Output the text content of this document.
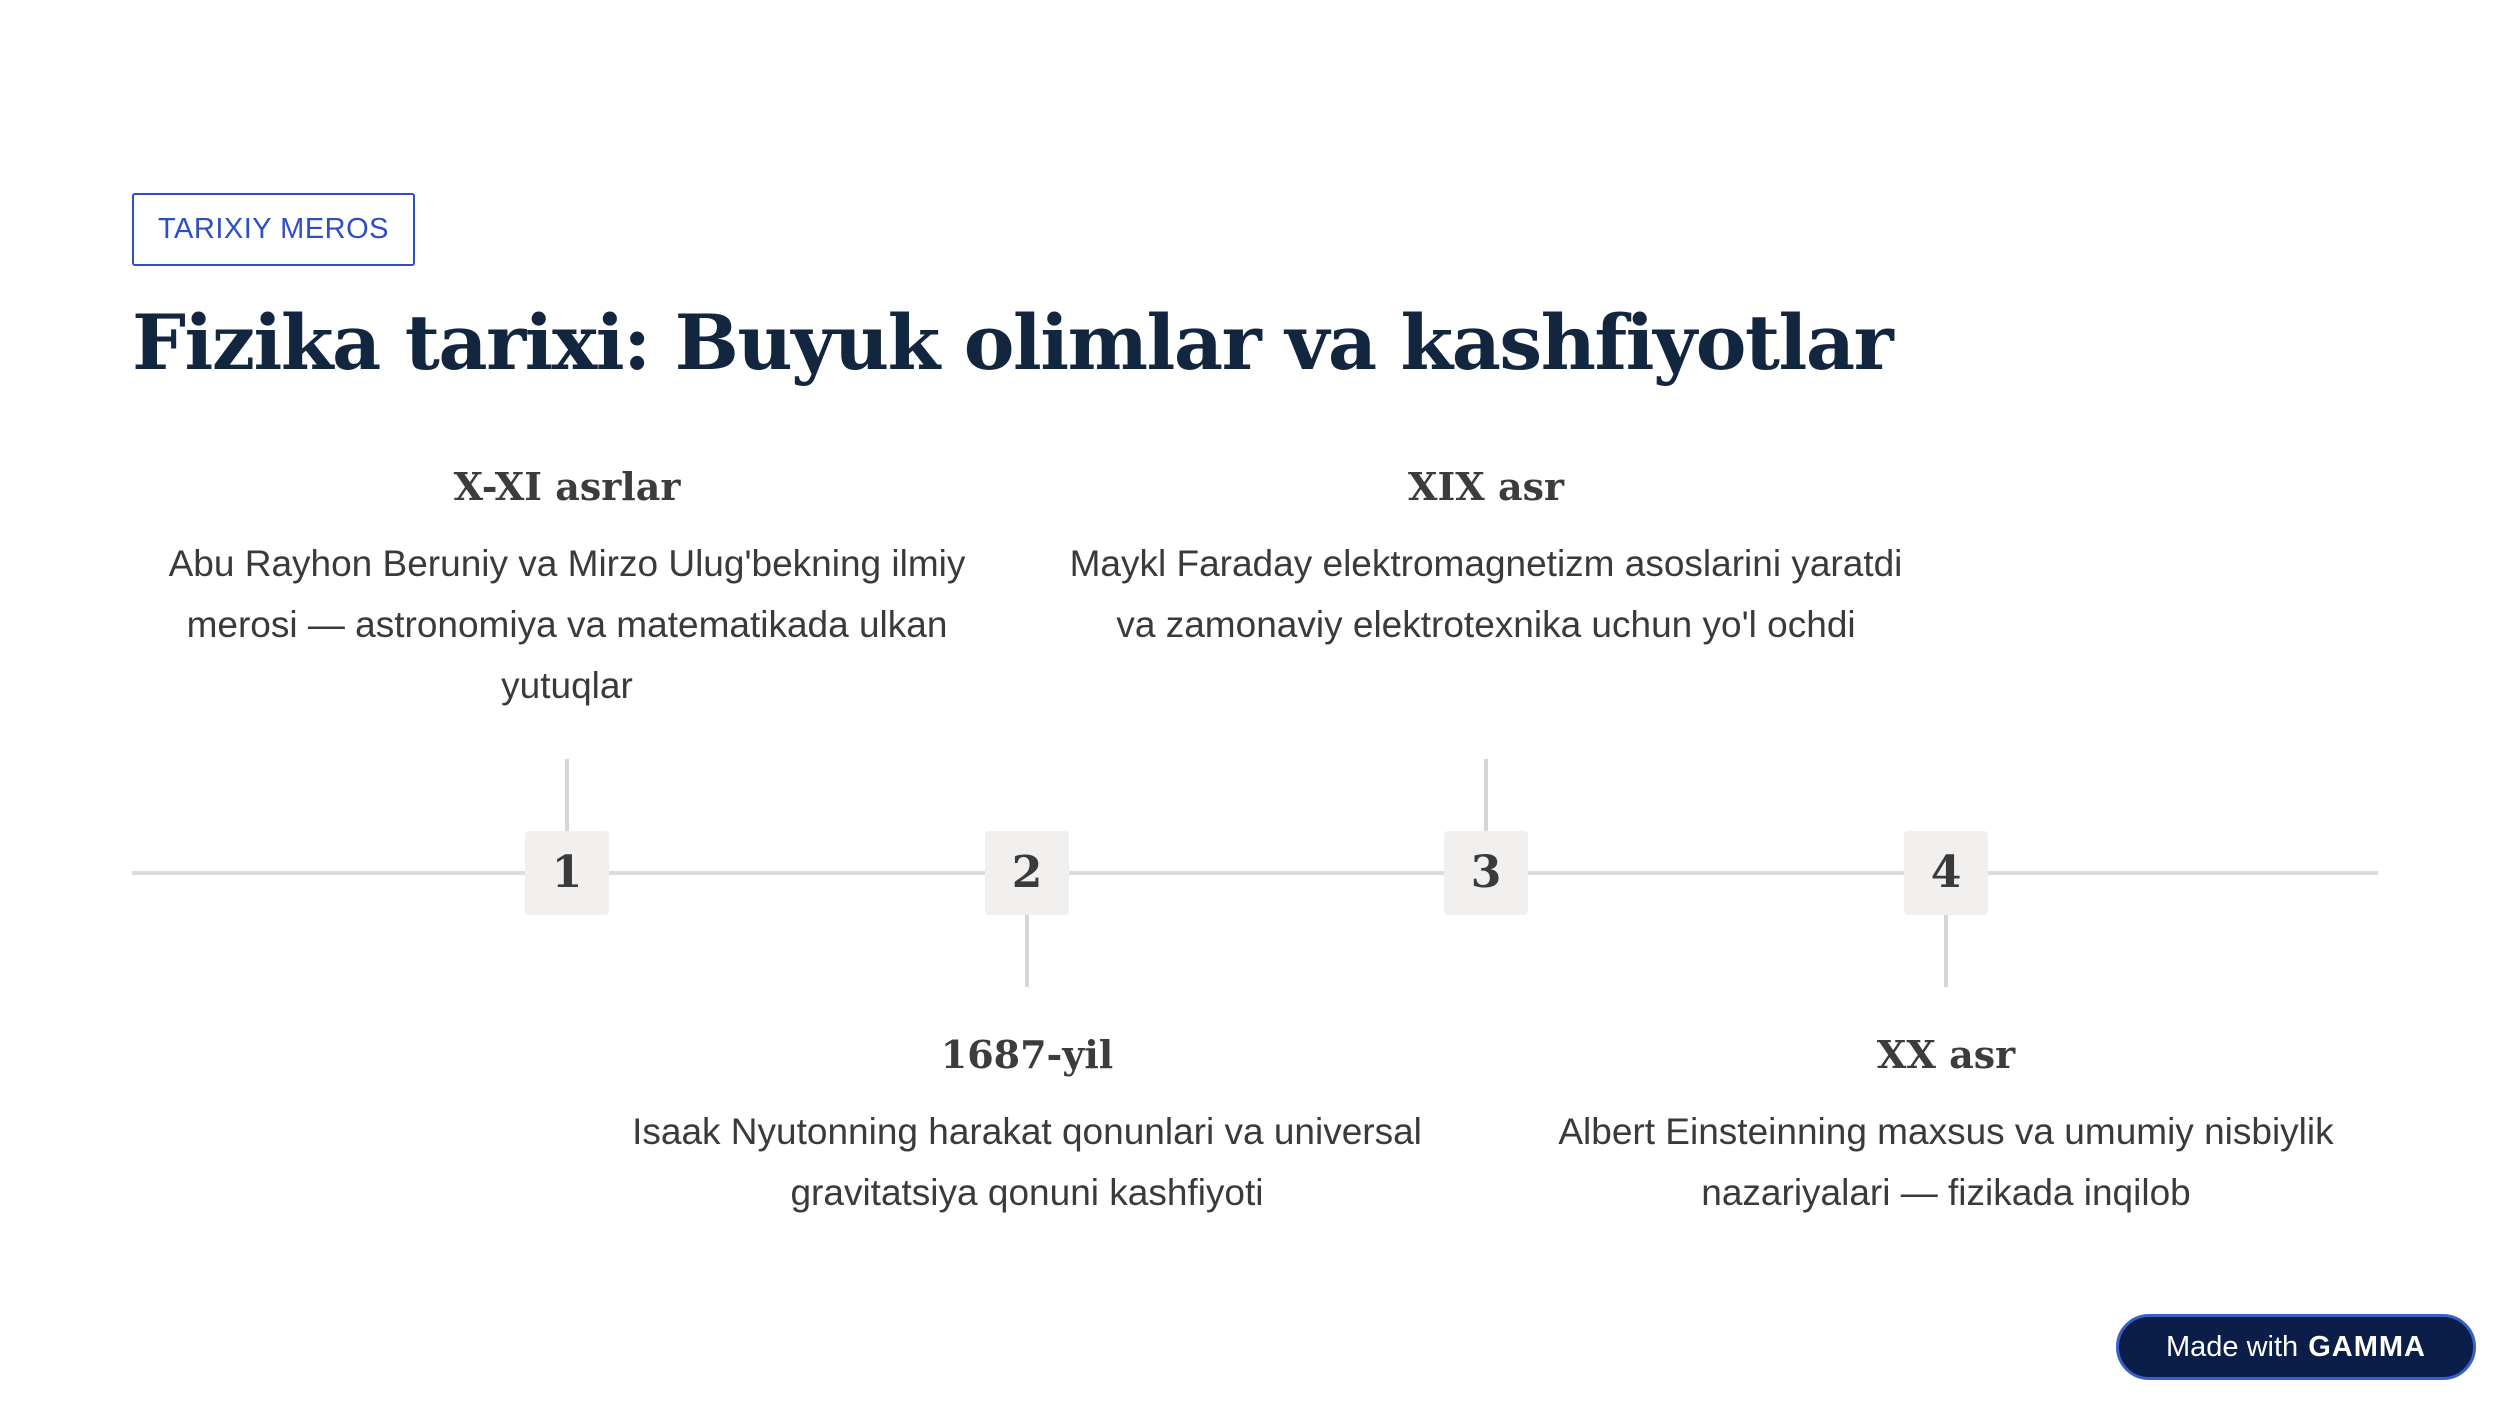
TARIXIY MEROS
Fizika tarixi: Buyuk olimlar va kashfiyotlar
1	2	3	4
X-XI asrlar

Abu Rayhon Beruniy va Mirzo Ulug'bekning ilmiy merosi — astronomiya va matematikada ulkan yutuqlar

XIX asr

Maykl Faraday elektromagnetizm asoslarini yaratdi va zamonaviy elektrotexnika uchun yo'l ochdi

1687-yil

Isaak Nyutonning harakat qonunlari va universal gravitatsiya qonuni kashfiyoti

XX asr

Albert Einsteinning maxsus va umumiy nisbiylik nazariyalari — fizikada inqilob

Made with GAMMA
